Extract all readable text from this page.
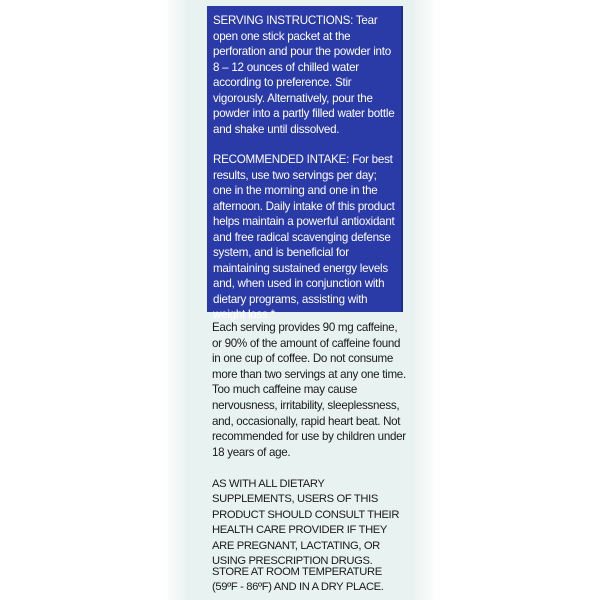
SERVING INSTRUCTIONS: Tear open one stick packet at the perforation and pour the powder into 8 – 12 ounces of chilled water according to preference. Stir vigorously. Alternatively, pour the powder into a partly filled water bottle and shake until dissolved.

RECOMMENDED INTAKE: For best results, use two servings per day; one in the morning and one in the afternoon. Daily intake of this product helps maintain a powerful antioxidant and free radical scavenging defense system, and is beneficial for maintaining sustained energy levels and, when used in conjunction with dietary programs, assisting with weight loss.*

Each serving provides 90 mg caffeine, or 90% of the amount of caffeine found in one cup of coffee. Do not consume more than two servings at any one time. Too much caffeine may cause nervousness, irritability, sleeplessness, and, occasionally, rapid heart beat. Not recommended for use by children under 18 years of age.

AS WITH ALL DIETARY SUPPLEMENTS, USERS OF THIS PRODUCT SHOULD CONSULT THEIR HEALTH CARE PROVIDER IF THEY ARE PREGNANT, LACTATING, OR USING PRESCRIPTION DRUGS.

STORE AT ROOM TEMPERATURE (59ºF - 86ºF) AND IN A DRY PLACE.
